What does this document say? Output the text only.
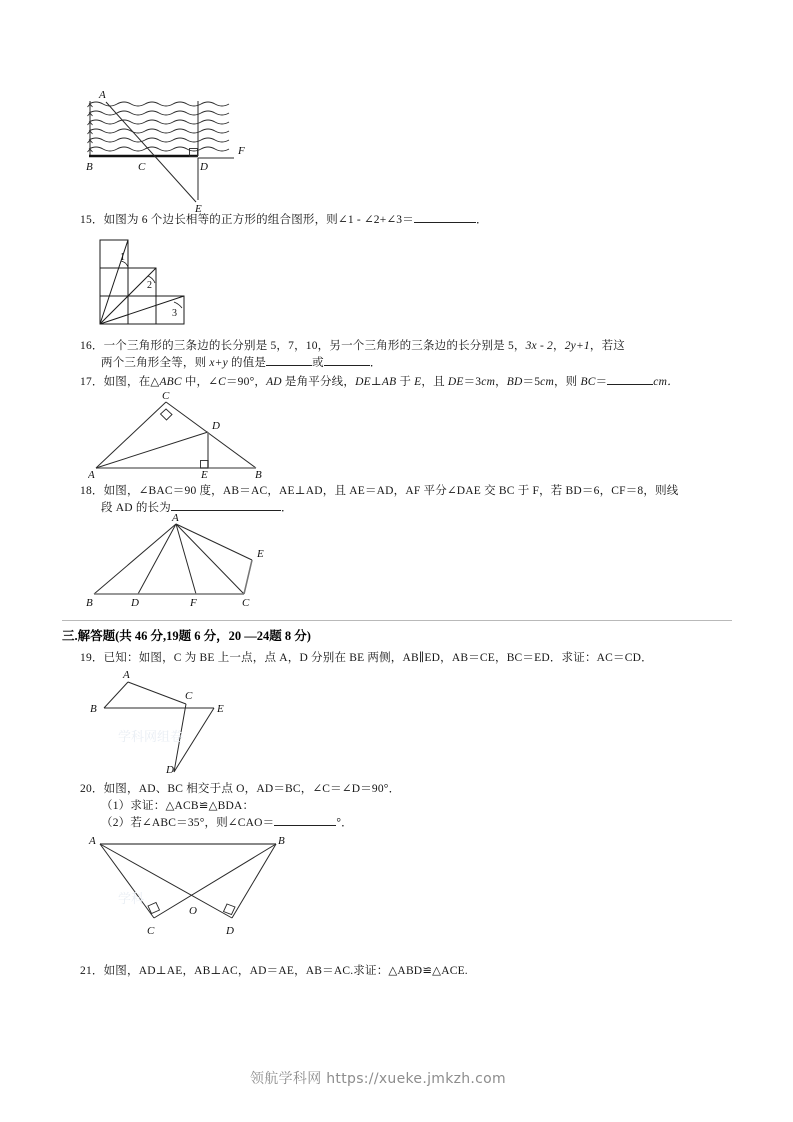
A
B	C	D
E
F
15．如图为 6 个边长相等的正方形的组合图形，则∠1 - ∠2+∠3＝	．
1
2
3
16．一个三角形的三条边的长分别是 5，7，10，另一个三角形的三条边的长分别是 5，3x - 2，2y+1，若这
两个三角形全等，则 x+y 的值是	或	．
17．如图，在△ABC 中，∠C＝90°，AD 是角平分线，DE⊥AB 于 E，且 DE＝3cm，BD＝5cm，则 BC＝	cm．
A	B
C
D
E
18．如图，∠BAC＝90 度，AB＝AC，AE⊥AD，且 AE＝AD，AF 平分∠DAE 交 BC 于 F，若 BD＝6，CF＝8，则线
段 AD 的长为	．
A
B	D	F	C
E
三.解答题(共 46 分,19题 6 分，20 —24题 8 分)
19．已知：如图，C 为 BE 上一点，点 A，D 分别在 BE 两侧，AB∥ED，AB＝CE，BC＝ED．求证：AC＝CD．
A
B
C
E
D
20．如图，AD、BC 相交于点 O，AD＝BC，∠C＝∠D＝90°．
（1）求证：△ACB≌△BDA：
（2）若∠ABC＝35°，则∠CAO＝	°．
A	B
C	D
O
21．如图，AD⊥AE，AB⊥AC，AD＝AE，AB＝AC.求证：△ABD≌△ACE.
学科网组卷
学科
领航学科网 https://xueke.jmkzh.com
